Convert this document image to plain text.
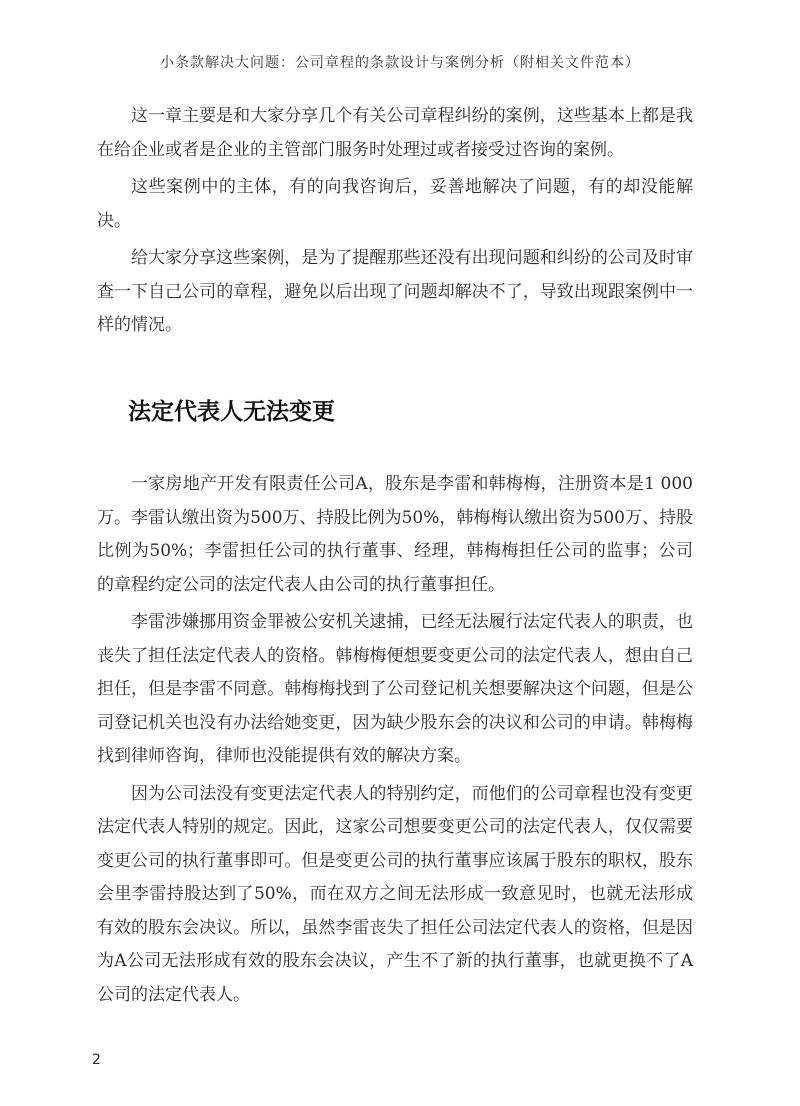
小条款解决大问题：公司章程的条款设计与案例分析（附相关文件范本）

这一章主要是和大家分享几个有关公司章程纠纷的案例，这些基本上都是我在给企业或者是企业的主管部门服务时处理过或者接受过咨询的案例。

这些案例中的主体，有的向我咨询后，妥善地解决了问题，有的却没能解决。

给大家分享这些案例，是为了提醒那些还没有出现问题和纠纷的公司及时审查一下自己公司的章程，避免以后出现了问题却解决不了，导致出现跟案例中一样的情况。

法定代表人无法变更

一家房地产开发有限责任公司A，股东是李雷和韩梅梅，注册资本是1 000万。李雷认缴出资为500万、持股比例为50%，韩梅梅认缴出资为500万、持股比例为50%；李雷担任公司的执行董事、经理，韩梅梅担任公司的监事；公司的章程约定公司的法定代表人由公司的执行董事担任。

李雷涉嫌挪用资金罪被公安机关逮捕，已经无法履行法定代表人的职责，也丧失了担任法定代表人的资格。韩梅梅便想要变更公司的法定代表人，想由自己担任，但是李雷不同意。韩梅梅找到了公司登记机关想要解决这个问题，但是公司登记机关也没有办法给她变更，因为缺少股东会的决议和公司的申请。韩梅梅找到律师咨询，律师也没能提供有效的解决方案。

因为公司法没有变更法定代表人的特别约定，而他们的公司章程也没有变更法定代表人特别的规定。因此，这家公司想要变更公司的法定代表人，仅仅需要变更公司的执行董事即可。但是变更公司的执行董事应该属于股东的职权，股东会里李雷持股达到了50%，而在双方之间无法形成一致意见时，也就无法形成有效的股东会决议。所以，虽然李雷丧失了担任公司法定代表人的资格，但是因为A公司无法形成有效的股东会决议，产生不了新的执行董事，也就更换不了A公司的法定代表人。

2
